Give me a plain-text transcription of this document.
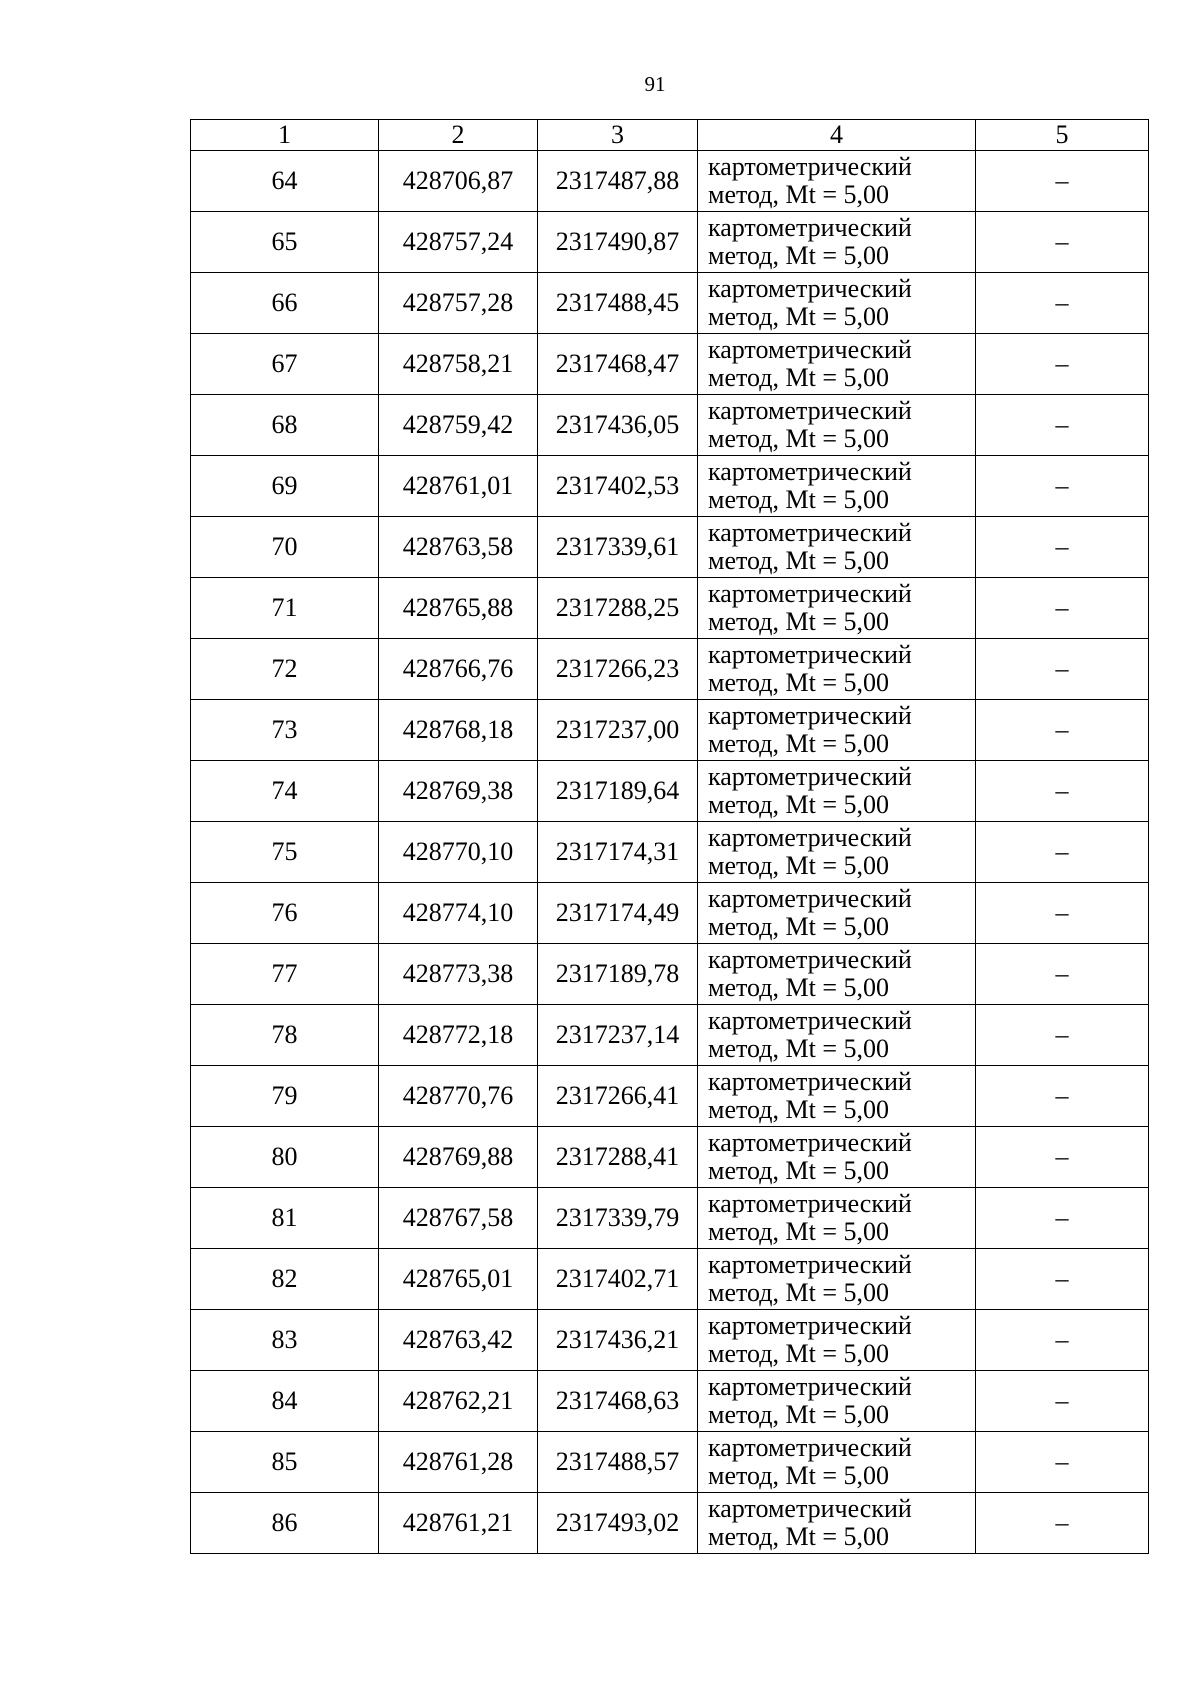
91
1	2	3	4	5
64	428706,87	2317487,88	картометрический
метод, Mt = 5,00	–
65	428757,24	2317490,87	картометрический
метод, Mt = 5,00	–
66	428757,28	2317488,45	картометрический
метод, Mt = 5,00	–
67	428758,21	2317468,47	картометрический
метод, Mt = 5,00	–
68	428759,42	2317436,05	картометрический
метод, Mt = 5,00	–
69	428761,01	2317402,53	картометрический
метод, Mt = 5,00	–
70	428763,58	2317339,61	картометрический
метод, Mt = 5,00	–
71	428765,88	2317288,25	картометрический
метод, Mt = 5,00	–
72	428766,76	2317266,23	картометрический
метод, Mt = 5,00	–
73	428768,18	2317237,00	картометрический
метод, Mt = 5,00	–
74	428769,38	2317189,64	картометрический
метод, Mt = 5,00	–
75	428770,10	2317174,31	картометрический
метод, Mt = 5,00	–
76	428774,10	2317174,49	картометрический
метод, Mt = 5,00	–
77	428773,38	2317189,78	картометрический
метод, Mt = 5,00	–
78	428772,18	2317237,14	картометрический
метод, Mt = 5,00	–
79	428770,76	2317266,41	картометрический
метод, Mt = 5,00	–
80	428769,88	2317288,41	картометрический
метод, Mt = 5,00	–
81	428767,58	2317339,79	картометрический
метод, Mt = 5,00	–
82	428765,01	2317402,71	картометрический
метод, Mt = 5,00	–
83	428763,42	2317436,21	картометрический
метод, Mt = 5,00	–
84	428762,21	2317468,63	картометрический
метод, Mt = 5,00	–
85	428761,28	2317488,57	картометрический
метод, Mt = 5,00	–
86	428761,21	2317493,02	картометрический
метод, Mt = 5,00	–
